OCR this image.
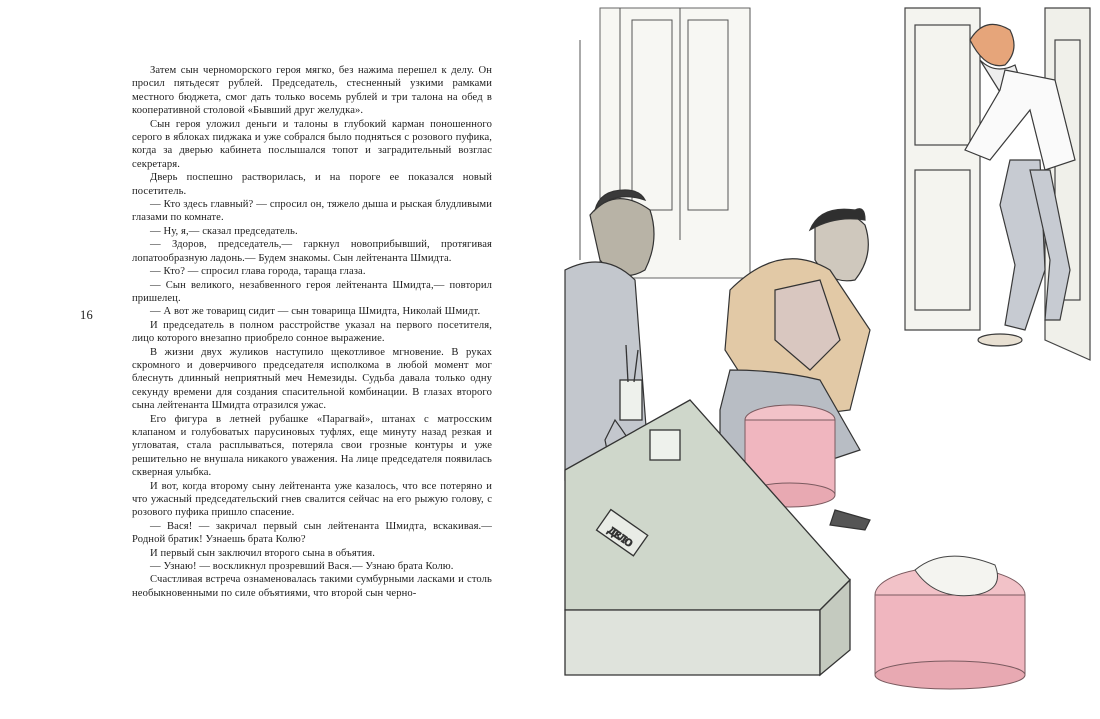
16

Затем сын черноморского героя мягко, без нажима перешел к делу. Он просил пятьдесят рублей. Председатель, стесненный узкими рамками местного бюджета, смог дать только восемь рублей и три талона на обед в кооперативной столовой «Бывший друг желудка».

Сын героя уложил деньги и талоны в глубокий карман поношенного серого в яблоках пиджака и уже собрался было подняться с розового пуфика, когда за дверью кабинета послышался топот и заградительный возглас секретаря.

Дверь поспешно растворилась, и на пороге ее показался новый посетитель.

— Кто здесь главный? — спросил он, тяжело дыша и рыская блудливыми глазами по комнате.

— Ну, я,— сказал председатель.

— Здоров, председатель,— гаркнул новоприбывший, протягивая лопатообразную ладонь.— Будем знакомы. Сын лейтенанта Шмидта.

— Кто? — спросил глава города, тараща глаза.

— Сын великого, незабвенного героя лейтенанта Шмидта,— повторил пришелец.

— А вот же товарищ сидит — сын товарища Шмидта, Николай Шмидт.

И председатель в полном расстройстве указал на первого посетителя, лицо которого внезапно приобрело сонное выражение.

В жизни двух жуликов наступило щекотливое мгновение. В руках скромного и доверчивого председателя исполкома в любой момент мог блеснуть длинный неприятный меч Немезиды. Судьба давала только одну секунду времени для создания спасительной комбинации. В глазах второго сына лейтенанта Шмидта отразился ужас.

Его фигура в летней рубашке «Парагвай», штанах с матросским клапаном и голубоватых парусиновых туфлях, еще минуту назад резкая и угловатая, стала расплываться, потеряла свои грозные контуры и уже решительно не внушала никакого уважения. На лице председателя появилась скверная улыбка.

И вот, когда второму сыну лейтенанта уже казалось, что все потеряно и что ужасный председательский гнев свалится сейчас на его рыжую голову, с розового пуфика пришло спасение.

— Вася! — закричал первый сын лейтенанта Шмидта, вскакивая.— Родной братик! Узнаешь брата Колю?

И первый сын заключил второго сына в объятия.

— Узнаю! — воскликнул прозревший Вася.— Узнаю брата Колю.

Счастливая встреча ознаменовалась такими сумбурными ласками и столь необыкновенными по силе объятиями, что второй сын черно-

ДЕЛО
